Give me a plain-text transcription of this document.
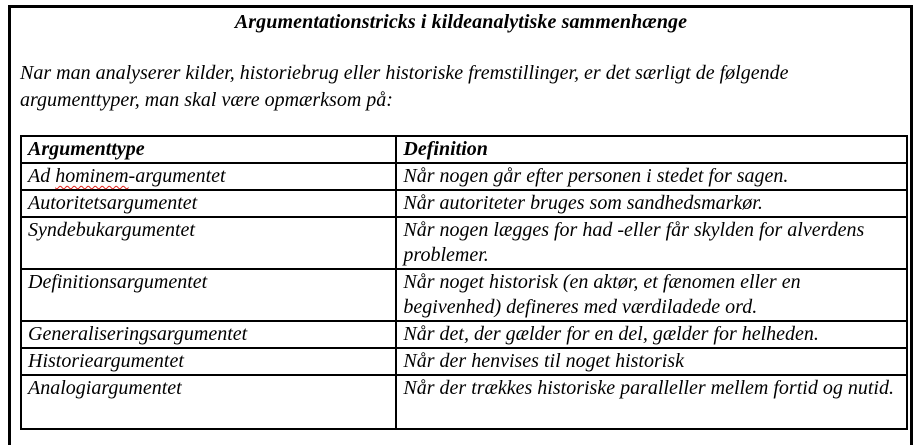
Argumentationstricks i kildeanalytiske sammenhænge
Nar man analyserer kilder, historiebrug eller historiske fremstillinger, er det særligt de følgende argumenttyper, man skal være opmærksom på:
Argumenttype	Definition
Ad hominem-argumentet	Når nogen går efter personen i stedet for sagen.
Autoritetsargumentet	Når autoriteter bruges som sandhedsmarkør.
Syndebukargumentet	Når nogen lægges for had -eller får skylden for alverdens problemer.
Definitionsargumentet	Når noget historisk (en aktør, et fænomen eller en begivenhed) defineres med værdiladede ord.
Generaliseringsargumentet	Når det, der gælder for en del, gælder for helheden.
Historieargumentet	Når der henvises til noget historisk
Analogiargumentet	Når der trækkes historiske paralleller mellem fortid og nutid.
